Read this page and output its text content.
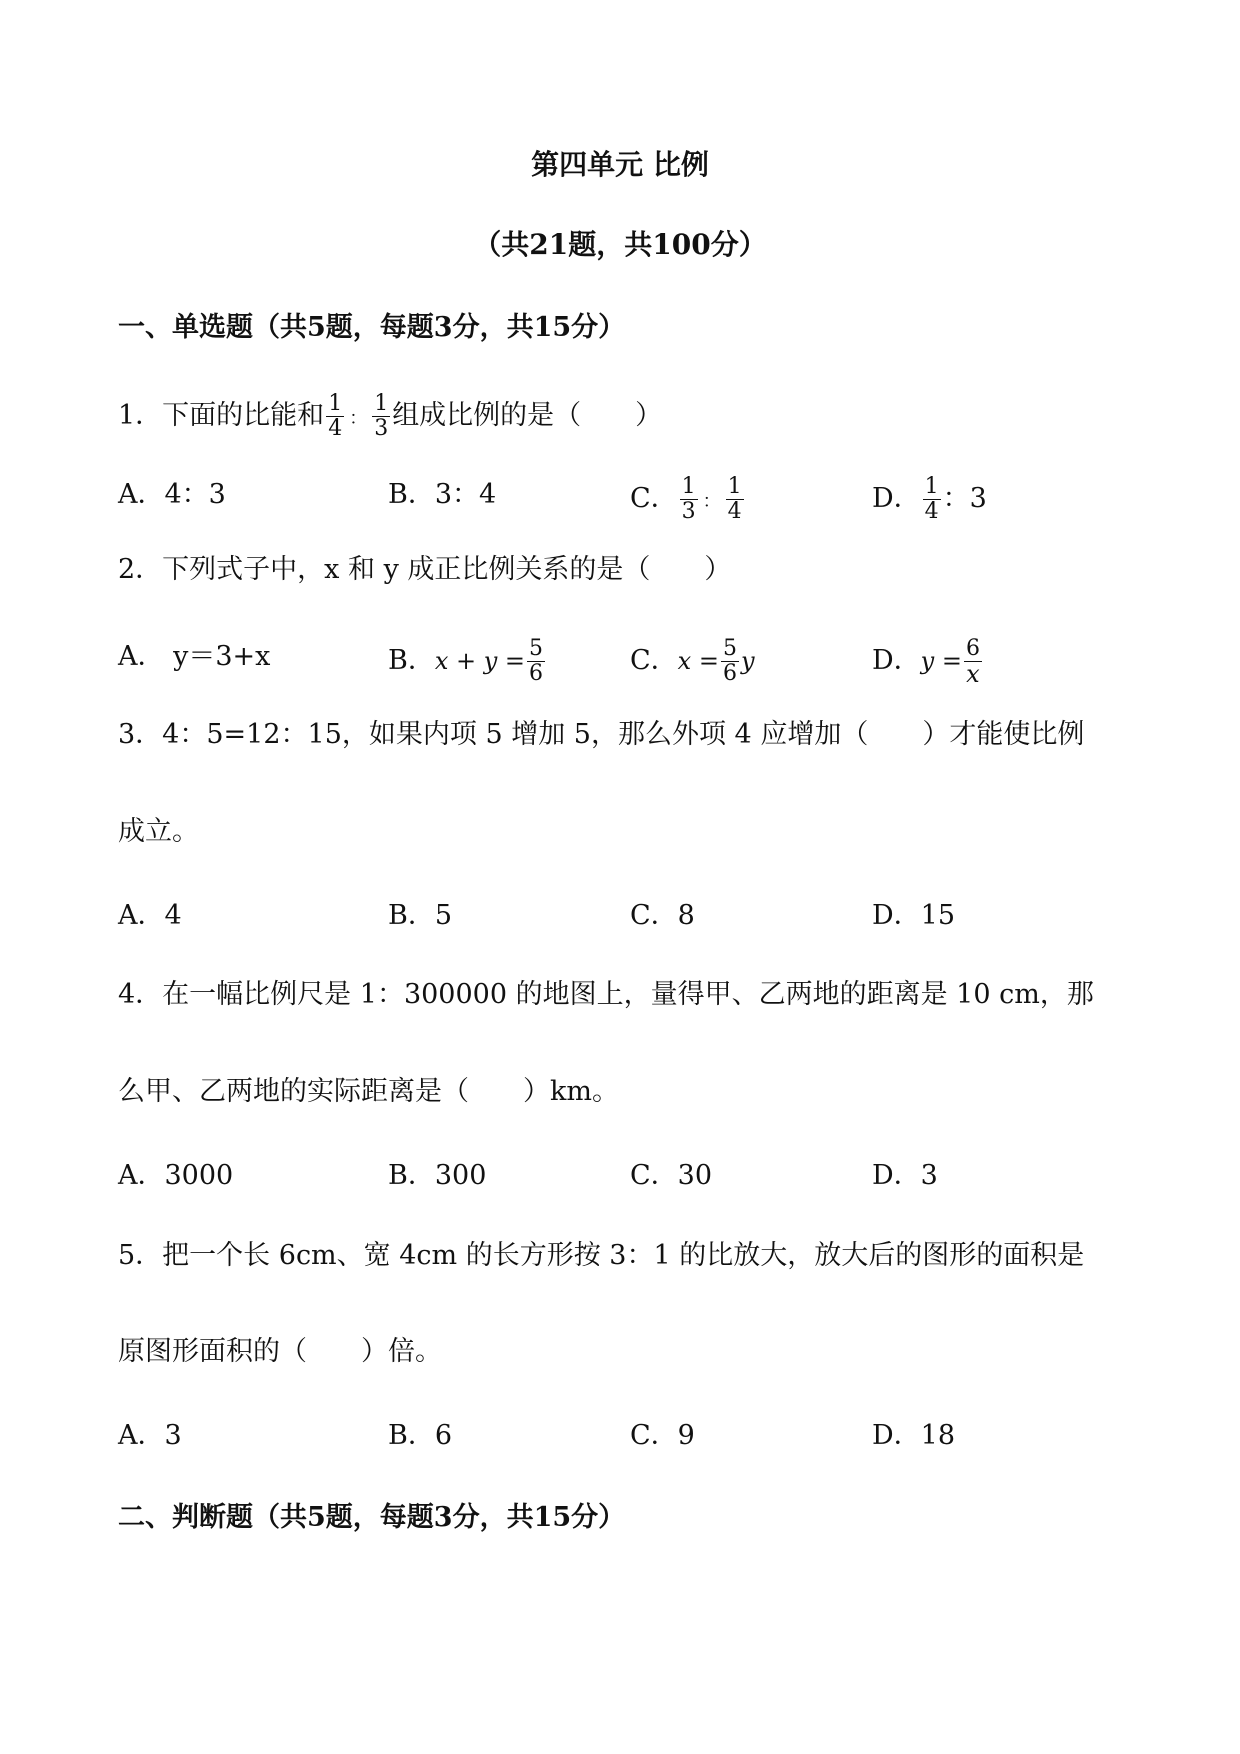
第四单元 比例
（共21题，共100分）
一、单选题（共5题，每题3分，共15分）
1．下面的比能和 $\frac{1}{4}$ ： $\frac{1}{3}$ 组成比例的是（　　）
A．4：3	B．3：4	C． $\frac{1}{3}$ ： $\frac{1}{4}$	D． $\frac{1}{4}$ ：3
2．下列式子中，x 和 y 成正比例关系的是（　　）
A． y＝3+x	B．$x + y = \frac{5}{6}$	C．$x = \frac{5}{6}$ y	D．$y = \frac{6}{x}$
3．4：5=12：15，如果内项 5 增加 5，那么外项 4 应增加（　　）才能使比例
成立。
A．4	B．5	C．8	D．15
4．在一幅比例尺是 1：300000 的地图上，量得甲、乙两地的距离是 10 cm，那
么甲、乙两地的实际距离是（　　）km。
A．3000	B．300	C．30	D．3
5．把一个长 6cm、宽 4cm 的长方形按 3：1 的比放大，放大后的图形的面积是
原图形面积的（　　）倍。
A．3	B．6	C．9	D．18
二、判断题（共5题，每题3分，共15分）
